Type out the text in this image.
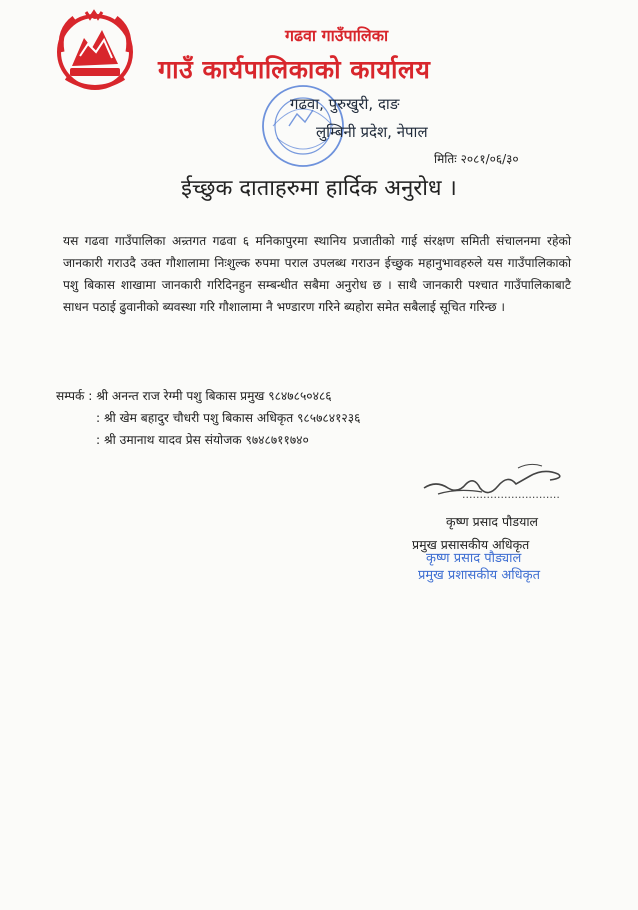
गढवा गाउँपालिका
गाउँ कार्यपालिकाको कार्यालय
गढवा, पुरुखुरी, दाङ
लुम्बिनी प्रदेश, नेपाल
मितिः २०८१/०६/३०
ईच्छुक दाताहरुमा हार्दिक अनुरोध ।
यस गढवा गाउँपालिका अन्र्तगत गढवा ६ मनिकापुरमा स्थानिय प्रजातीको गाई संरक्षण समिती संचालनमा रहेको जानकारी गराउदै उक्त गौशालामा निःशुल्क रुपमा पराल उपलब्ध गराउन ईच्छुक महानुभावहरुले यस गाउँपालिकाको पशु बिकास शाखामा जानकारी गरिदिनहुन सम्बन्धीत सबैमा अनुरोध छ । साथै जानकारी पश्चात गाउँपालिकाबाटै साधन पठाई ढुवानीको ब्यवस्था गरि गौशालामा नै भण्डारण गरिने ब्यहोरा समेत सबैलाई सूचित गरिन्छ ।
सम्पर्क : श्री अनन्त राज रेग्मी पशु बिकास प्रमुख ९८४७८५०४८६
: श्री खेम बहादुर चौधरी पशु बिकास अधिकृत ९८५७८४१२३६
: श्री उमानाथ यादव प्रेस संयोजक ९७४८७११७४०
............................
कृष्ण प्रसाद पौडयाल
प्रमुख प्रसासकीय अधिकृत
कृष्ण प्रसाद पौड्याल
प्रमुख प्रशासकीय अधिकृत
